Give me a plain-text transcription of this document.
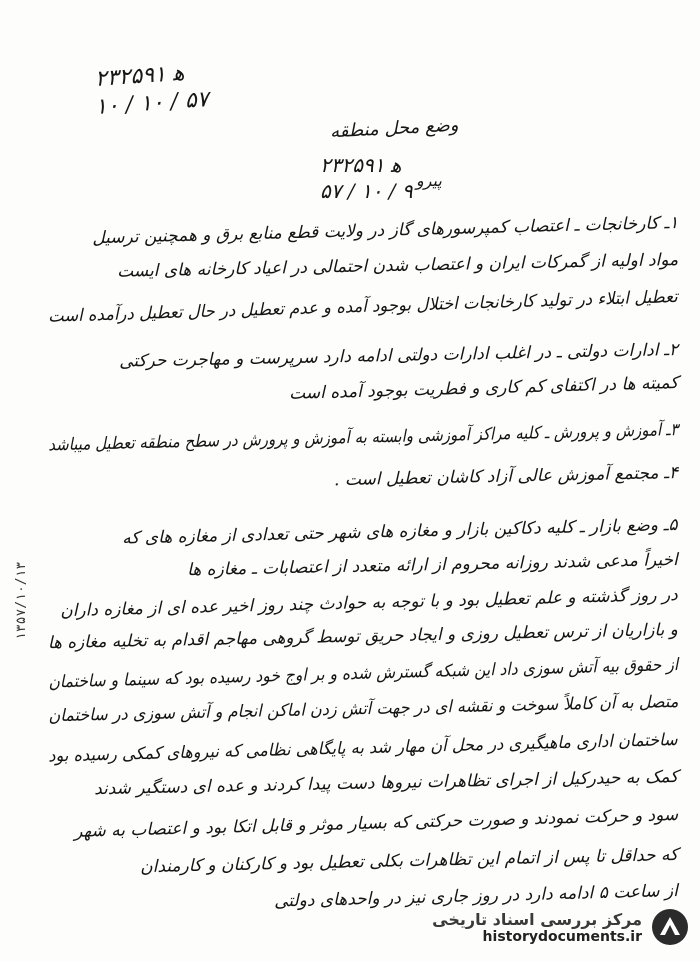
۲۳۲۵۹۱ ﻫ
۱۰ / ۱۰ / ۵۷
وضع محل منطقه
۲۳۲۵۹۱ ﻫ
۵۷ / ۱۰ / ۹ پیرو
۱ـ کارخانجات ـ اعتصاب کمپرسورهای گاز در ولایت قطع منابع برق و همچنین ترسیل
مواد اولیه از گمرکات ایران و اعتصاب شدن احتمالی در اعیاد کارخانه های ایست
تعطیل ابتلاء در تولید کارخانجات اختلال بوجود آمده و عدم تعطیل در حال تعطیل درآمده است
۲ـ ادارات دولتی ـ در اغلب ادارات دولتی ادامه دارد سرپرست و مهاجرت حرکتی
کمیته ها در اکتفای کم کاری و فطریت بوجود آمده است
۳ـ آموزش و پرورش ـ کلیه مراکز آموزشی وابسته به آموزش و پرورش در سطح منطقه تعطیل میباشد
۴ـ مجتمع آموزش عالی آزاد کاشان تعطیل است .
۵ـ وضع بازار ـ کلیه دکاکین بازار و مغازه های شهر حتی تعدادی از مغازه های که
اخیراً مدعی شدند روزانه محروم از ارائه متعدد از اعتصابات ـ مغازه ها
در روز گذشته و علم تعطیل بود و با توجه به حوادث چند روز اخیر عده ای از مغازه داران
و بازاریان از ترس تعطیل روزی و ایجاد حریق توسط گروهی مهاجم اقدام به تخلیه مغازه ها
از حقوق بیه آتش سوزی داد این شبکه گسترش شده و بر اوج خود رسیده بود که سینما و ساختمان
متصل به آن کاملاً سوخت و نقشه ای در جهت آتش زدن اماکن انجام و آتش سوزی در ساختمان
ساختمان اداری ماهیگیری در محل آن مهار شد به پایگاهی نظامی که نیروهای کمکی رسیده بود
کمک به حیدرکیل از اجرای تظاهرات نیروها دست پیدا کردند و عده ای دستگیر شدند
سود و حرکت نمودند و صورت حرکتی که بسیار موثر و قابل اتکا بود و اعتصاب به شهر
که حداقل تا پس از اتمام این تظاهرات بکلی تعطیل بود و کارکنان و کارمندان
از ساعت ۵ ادامه دارد در روز جاری نیز در واحدهای دولتی
۱۳۵۷/۱۰/۱۳
مرکز بررسی اسناد تاریخی
historydocuments.ir
